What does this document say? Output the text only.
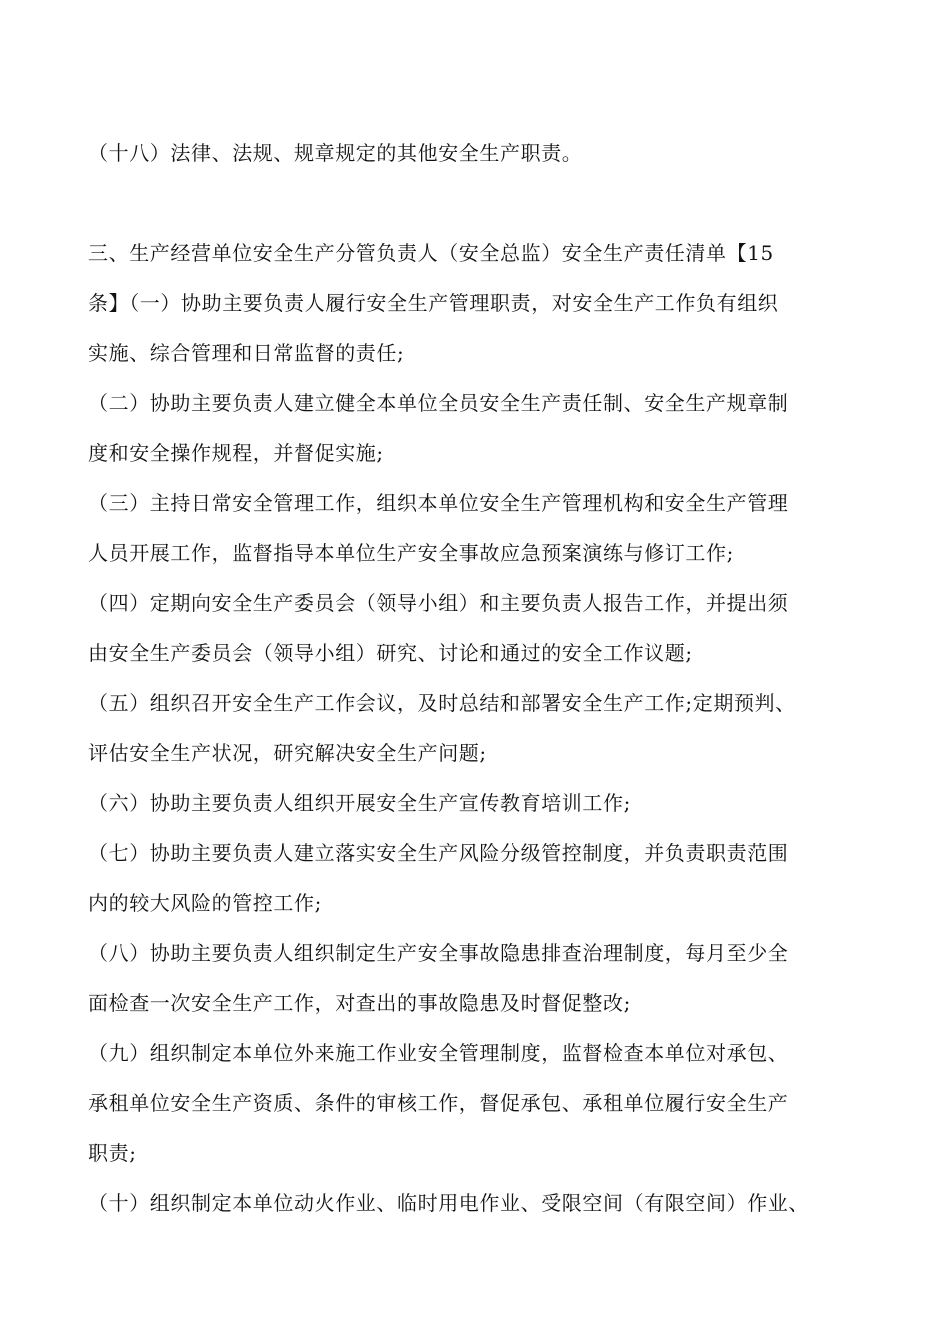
（十八）法律、法规、规章规定的其他安全生产职责。
三、生产经营单位安全生产分管负责人（安全总监）安全生产责任清单【15
条】（一）协助主要负责人履行安全生产管理职责，对安全生产工作负有组织
实施、综合管理和日常监督的责任;
（二）协助主要负责人建立健全本单位全员安全生产责任制、安全生产规章制
度和安全操作规程，并督促实施;
（三）主持日常安全管理工作，组织本单位安全生产管理机构和安全生产管理
人员开展工作，监督指导本单位生产安全事故应急预案演练与修订工作;
（四）定期向安全生产委员会（领导小组）和主要负责人报告工作，并提出须
由安全生产委员会（领导小组）研究、讨论和通过的安全工作议题;
（五）组织召开安全生产工作会议，及时总结和部署安全生产工作;定期预判、
评估安全生产状况，研究解决安全生产问题;
（六）协助主要负责人组织开展安全生产宣传教育培训工作;
（七）协助主要负责人建立落实安全生产风险分级管控制度，并负责职责范围
内的较大风险的管控工作;
（八）协助主要负责人组织制定生产安全事故隐患排查治理制度，每月至少全
面检查一次安全生产工作，对查出的事故隐患及时督促整改;
（九）组织制定本单位外来施工作业安全管理制度，监督检查本单位对承包、
承租单位安全生产资质、条件的审核工作，督促承包、承租单位履行安全生产
职责;
（十）组织制定本单位动火作业、临时用电作业、受限空间（有限空间）作业、
